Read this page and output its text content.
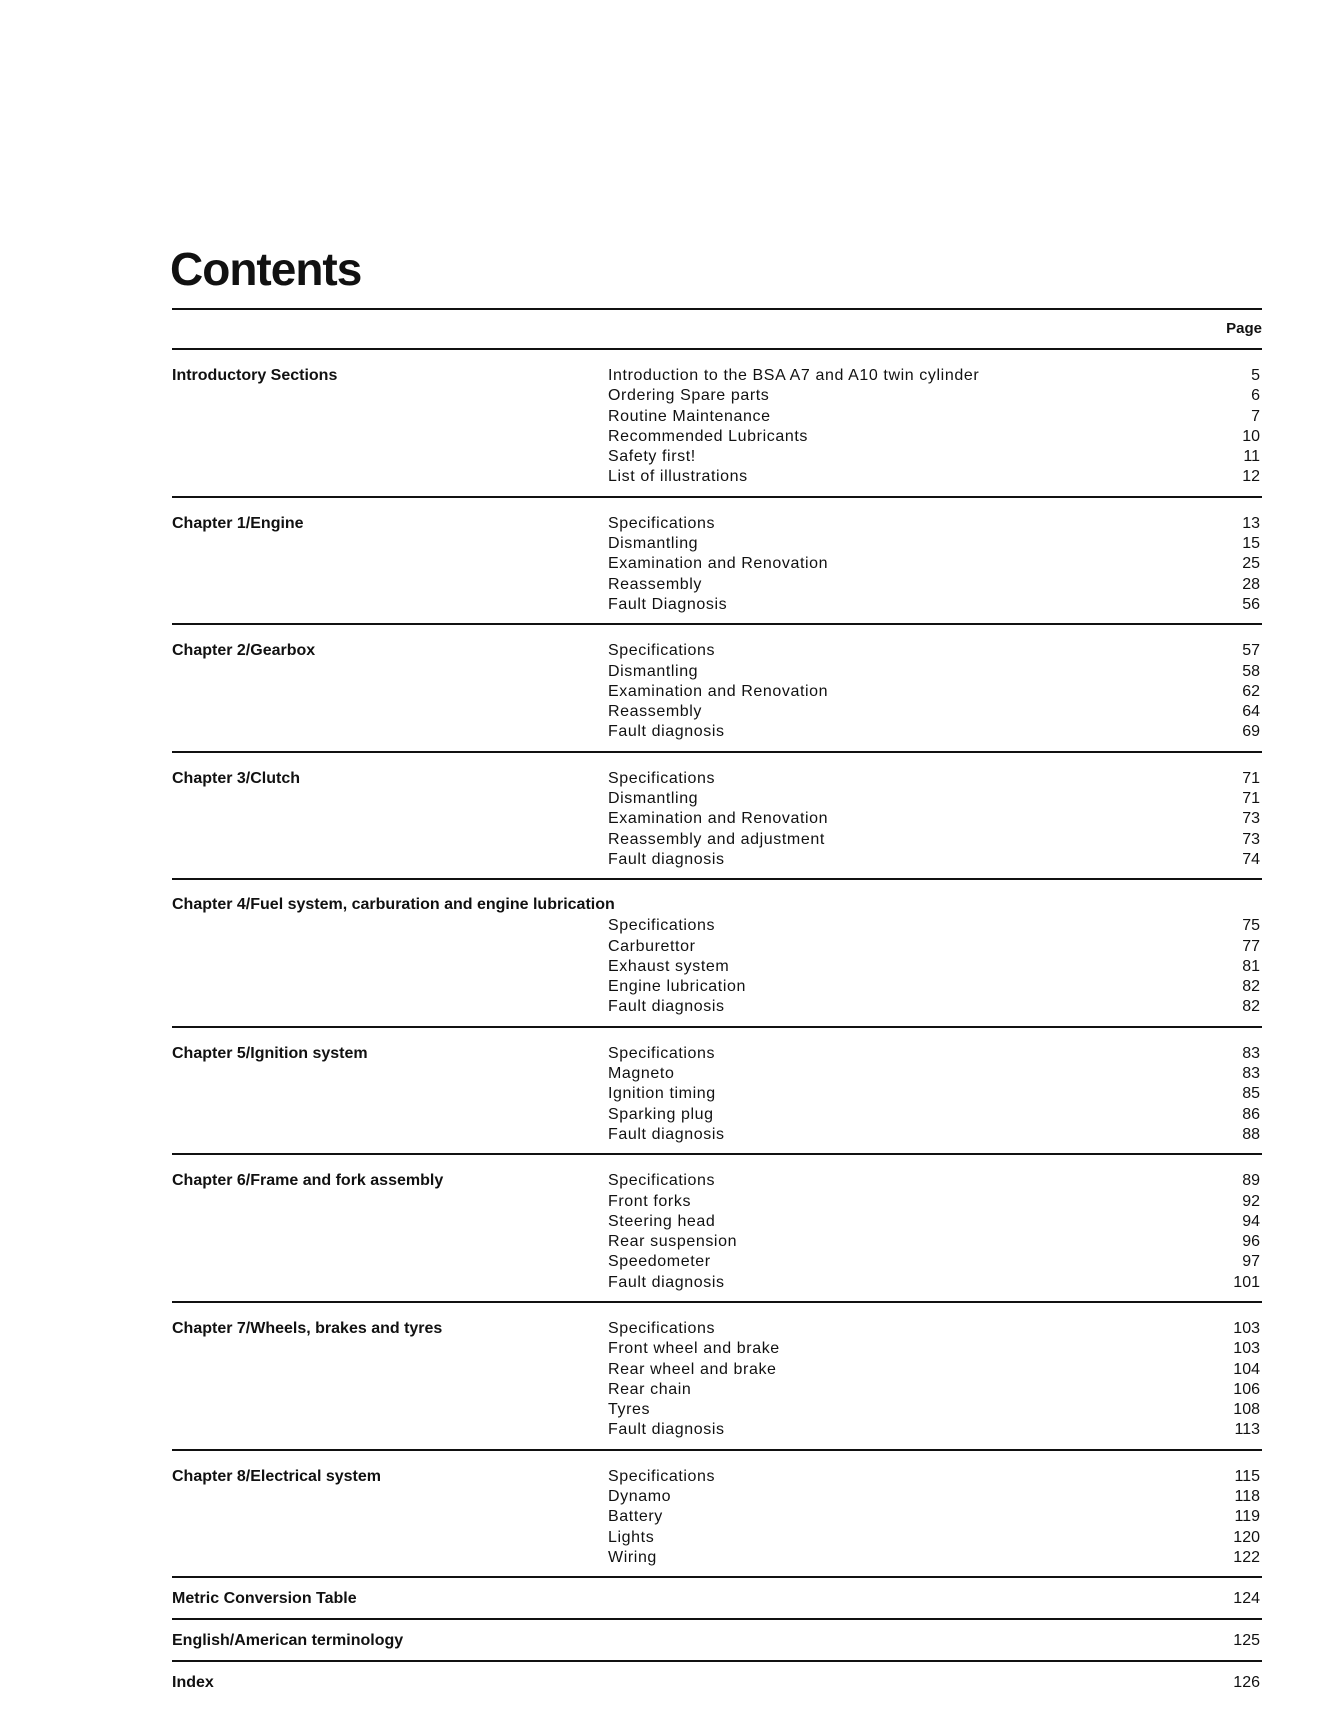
Contents
Page
Introductory Sections	Introduction to the BSA A7 and A10 twin cylinder	5
Ordering Spare parts	6
Routine Maintenance	7
Recommended Lubricants	10
Safety first!	11
List of illustrations	12
Chapter 1/Engine	Specifications	13
Dismantling	15
Examination and Renovation	25
Reassembly	28
Fault Diagnosis	56
Chapter 2/Gearbox	Specifications	57
Dismantling	58
Examination and Renovation	62
Reassembly	64
Fault diagnosis	69
Chapter 3/Clutch	Specifications	71
Dismantling	71
Examination and Renovation	73
Reassembly and adjustment	73
Fault diagnosis	74
Chapter 4/Fuel system, carburation and engine lubrication
Specifications	75
Carburettor	77
Exhaust system	81
Engine lubrication	82
Fault diagnosis	82
Chapter 5/Ignition system	Specifications	83
Magneto	83
Ignition timing	85
Sparking plug	86
Fault diagnosis	88
Chapter 6/Frame and fork assembly	Specifications	89
Front forks	92
Steering head	94
Rear suspension	96
Speedometer	97
Fault diagnosis	101
Chapter 7/Wheels, brakes and tyres	Specifications	103
Front wheel and brake	103
Rear wheel and brake	104
Rear chain	106
Tyres	108
Fault diagnosis	113
Chapter 8/Electrical system	Specifications	115
Dynamo	118
Battery	119
Lights	120
Wiring	122
Metric Conversion Table	124
English/American terminology	125
Index	126
